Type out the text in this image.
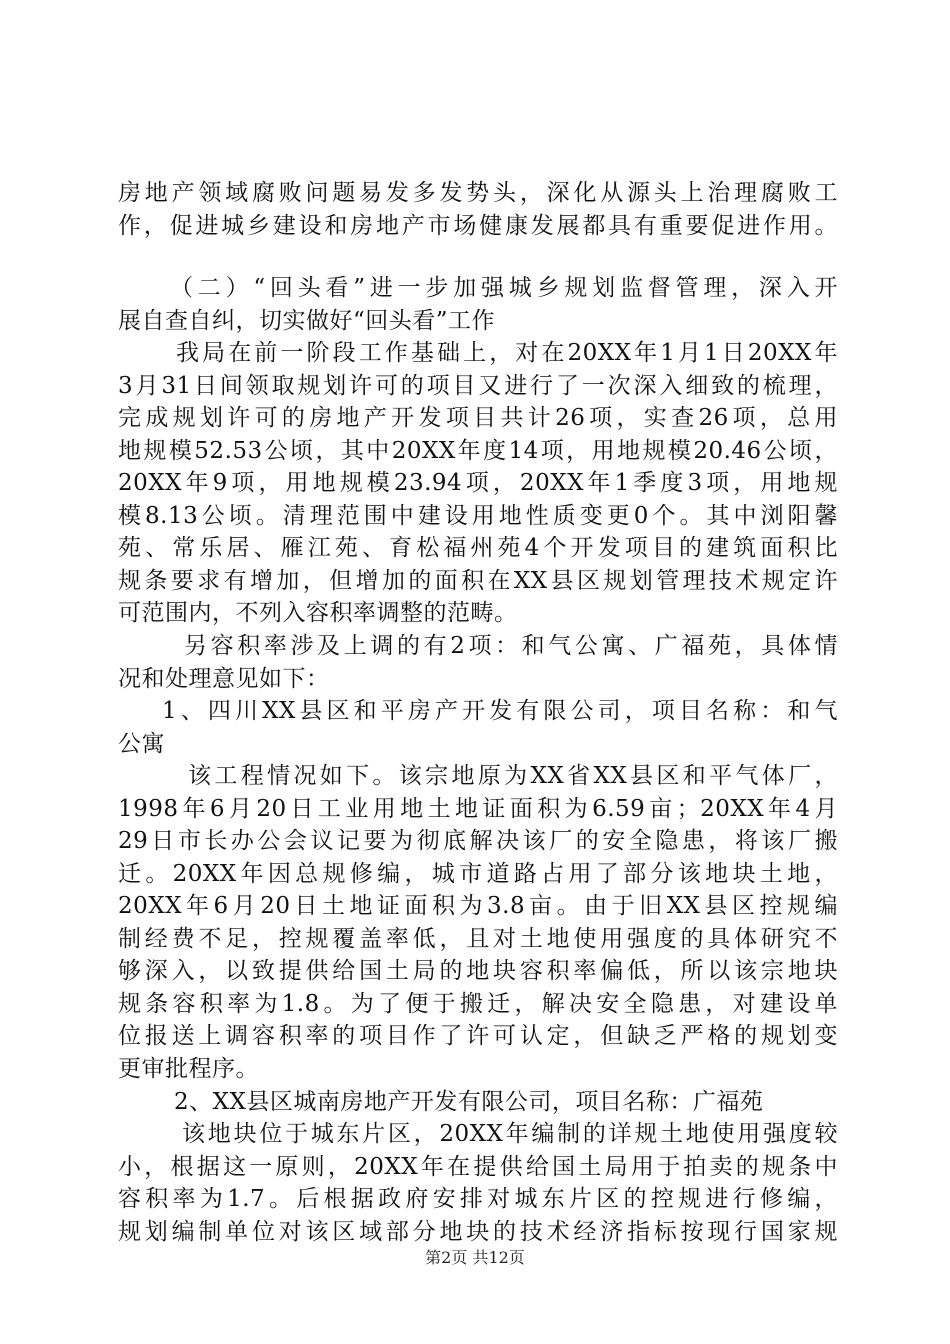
房地产领域腐败问题易发多发势头，深化从源头上治理腐败工
作，促进城乡建设和房地产市场健康发展都具有重要促进作用。

（二）“回头看”进一步加强城乡规划监督管理，深入开
展自查自纠，切实做好“回头看”工作

我局在前一阶段工作基础上，对在20XX年1月1日20XX年
3月31日间领取规划许可的项目又进行了一次深入细致的梳理，
完成规划许可的房地产开发项目共计26项，实查26项，总用
地规模52.53公顷，其中20XX年度14项，用地规模20.46公顷，
20XX年9项，用地规模23.94项，20XX年1季度3项，用地规
模8.13公顷。清理范围中建设用地性质变更0个。其中浏阳馨
苑、常乐居、雁江苑、育松福州苑4个开发项目的建筑面积比
规条要求有增加，但增加的面积在XX县区规划管理技术规定许
可范围内，不列入容积率调整的范畴。

另容积率涉及上调的有2项：和气公寓、广福苑，具体情
况和处理意见如下：

1、四川XX县区和平房产开发有限公司，项目名称：和气
公寓

该工程情况如下。该宗地原为XX省XX县区和平气体厂，
1998年6月20日工业用地土地证面积为6.59亩；20XX年4月
29日市长办公会议记要为彻底解决该厂的安全隐患，将该厂搬
迁。20XX年因总规修编，城市道路占用了部分该地块土地，
20XX年6月20日土地证面积为3.8亩。由于旧XX县区控规编
制经费不足，控规覆盖率低，且对土地使用强度的具体研究不
够深入，以致提供给国土局的地块容积率偏低，所以该宗地块
规条容积率为1.8。为了便于搬迁，解决安全隐患，对建设单
位报送上调容积率的项目作了许可认定，但缺乏严格的规划变
更审批程序。

2、XX县区城南房地产开发有限公司，项目名称：广福苑

该地块位于城东片区，20XX年编制的详规土地使用强度较
小，根据这一原则，20XX年在提供给国土局用于拍卖的规条中
容积率为1.7。后根据政府安排对城东片区的控规进行修编，
规划编制单位对该区域部分地块的技术经济指标按现行国家规

第2页 共12页
